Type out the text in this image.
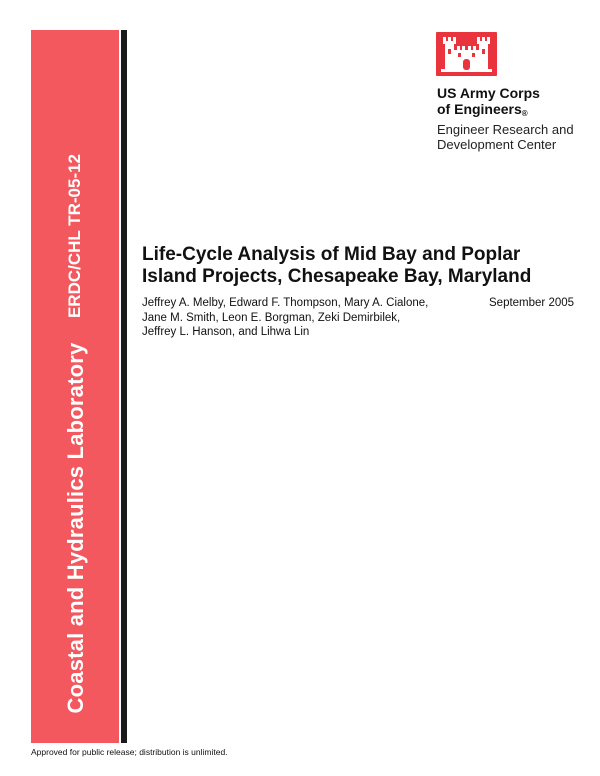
ERDC/CHL TR-05-12
Coastal and Hydraulics Laboratory
US Army Corps
of Engineers®
Engineer Research and
Development Center
Life-Cycle Analysis of Mid Bay and Poplar
Island Projects, Chesapeake Bay, Maryland
Jeffrey A. Melby, Edward F. Thompson, Mary A. Cialone,
Jane M. Smith, Leon E. Borgman, Zeki Demirbilek,
Jeffrey L. Hanson, and Lihwa Lin
September 2005
Approved for public release; distribution is unlimited.
